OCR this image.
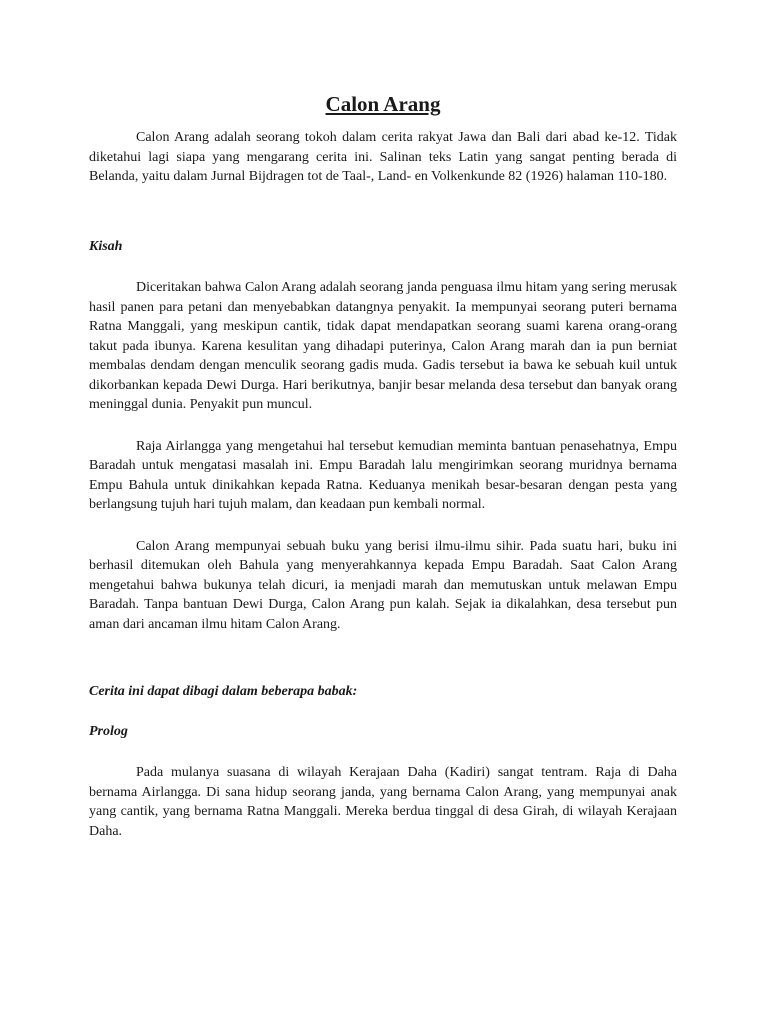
Calon Arang

Calon Arang adalah seorang tokoh dalam cerita rakyat Jawa dan Bali dari abad ke-12. Tidak diketahui lagi siapa yang mengarang cerita ini. Salinan teks Latin yang sangat penting berada di Belanda, yaitu dalam Jurnal Bijdragen tot de Taal-, Land- en Volkenkunde 82 (1926) halaman 110-180.

Kisah

Diceritakan bahwa Calon Arang adalah seorang janda penguasa ilmu hitam yang sering merusak hasil panen para petani dan menyebabkan datangnya penyakit. Ia mempunyai seorang puteri bernama Ratna Manggali, yang meskipun cantik, tidak dapat mendapatkan seorang suami karena orang-orang takut pada ibunya. Karena kesulitan yang dihadapi puterinya, Calon Arang marah dan ia pun berniat membalas dendam dengan menculik seorang gadis muda. Gadis tersebut ia bawa ke sebuah kuil untuk dikorbankan kepada Dewi Durga. Hari berikutnya, banjir besar melanda desa tersebut dan banyak orang meninggal dunia. Penyakit pun muncul.

Raja Airlangga yang mengetahui hal tersebut kemudian meminta bantuan penasehatnya, Empu Baradah untuk mengatasi masalah ini. Empu Baradah lalu mengirimkan seorang muridnya bernama Empu Bahula untuk dinikahkan kepada Ratna. Keduanya menikah besar-besaran dengan pesta yang berlangsung tujuh hari tujuh malam, dan keadaan pun kembali normal.

Calon Arang mempunyai sebuah buku yang berisi ilmu-ilmu sihir. Pada suatu hari, buku ini berhasil ditemukan oleh Bahula yang menyerahkannya kepada Empu Baradah. Saat Calon Arang mengetahui bahwa bukunya telah dicuri, ia menjadi marah dan memutuskan untuk melawan Empu Baradah. Tanpa bantuan Dewi Durga, Calon Arang pun kalah. Sejak ia dikalahkan, desa tersebut pun aman dari ancaman ilmu hitam Calon Arang.

Cerita ini dapat dibagi dalam beberapa babak:
Prolog

Pada mulanya suasana di wilayah Kerajaan Daha (Kadiri) sangat tentram. Raja di Daha bernama Airlangga. Di sana hidup seorang janda, yang bernama Calon Arang, yang mempunyai anak yang cantik, yang bernama Ratna Manggali. Mereka berdua tinggal di desa Girah, di wilayah Kerajaan Daha.
